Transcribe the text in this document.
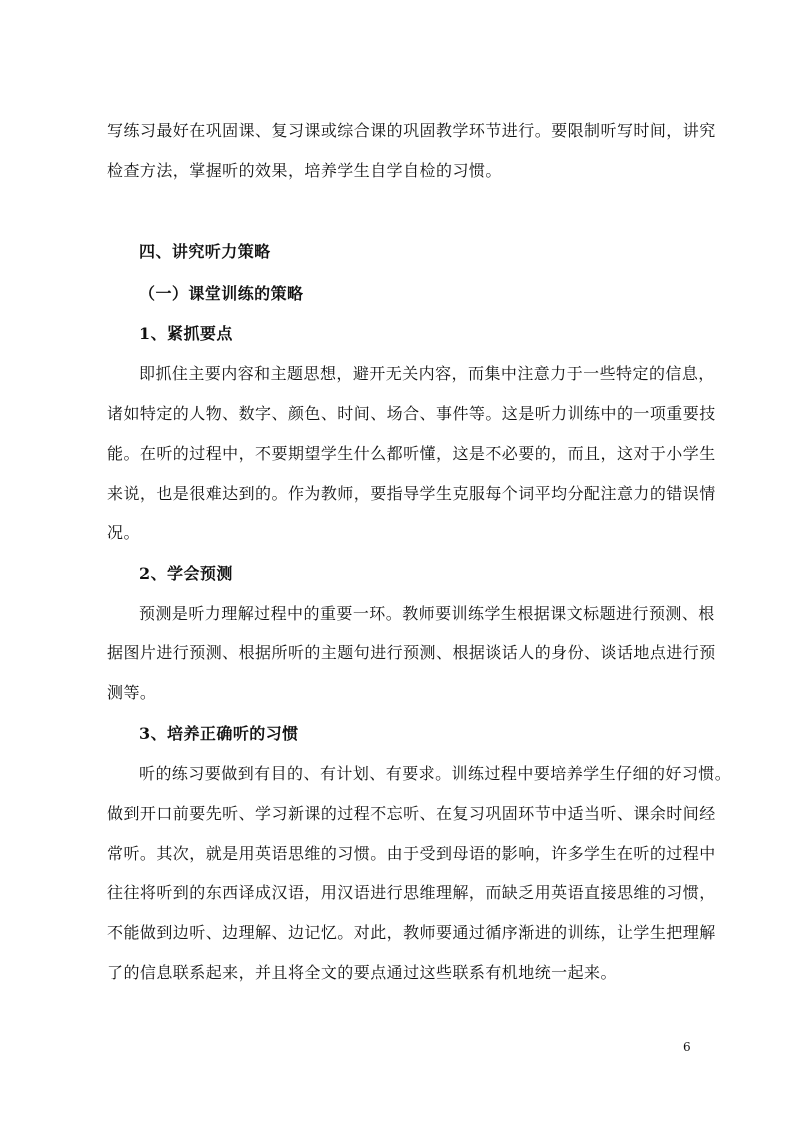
写练习最好在巩固课、复习课或综合课的巩固教学环节进行。要限制听写时间，讲究
检查方法，掌握听的效果，培养学生自学自检的习惯。
四、讲究听力策略
（一）课堂训练的策略
1、紧抓要点
即抓住主要内容和主题思想，避开无关内容，而集中注意力于一些特定的信息，
诸如特定的人物、数字、颜色、时间、场合、事件等。这是听力训练中的一项重要技
能。在听的过程中，不要期望学生什么都听懂，这是不必要的，而且，这对于小学生
来说，也是很难达到的。作为教师，要指导学生克服每个词平均分配注意力的错误情
况。
2、学会预测
预测是听力理解过程中的重要一环。教师要训练学生根据课文标题进行预测、根
据图片进行预测、根据所听的主题句进行预测、根据谈话人的身份、谈话地点进行预
测等。
3、培养正确听的习惯
听的练习要做到有目的、有计划、有要求。训练过程中要培养学生仔细的好习惯。
做到开口前要先听、学习新课的过程不忘听、在复习巩固环节中适当听、课余时间经
常听。其次，就是用英语思维的习惯。由于受到母语的影响，许多学生在听的过程中
往往将听到的东西译成汉语，用汉语进行思维理解，而缺乏用英语直接思维的习惯，
不能做到边听、边理解、边记忆。对此，教师要通过循序渐进的训练，让学生把理解
了的信息联系起来，并且将全文的要点通过这些联系有机地统一起来。
6
